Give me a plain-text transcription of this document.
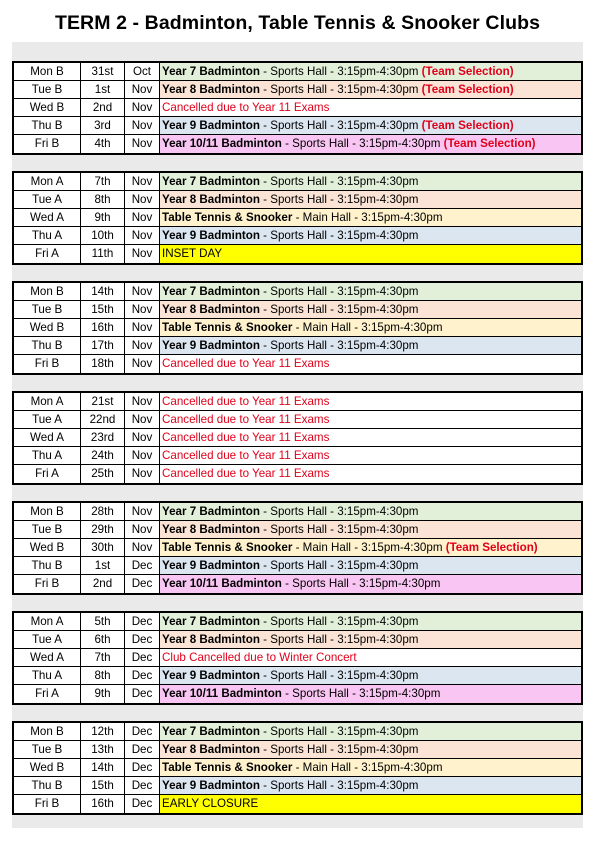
TERM 2 - Badminton, Table Tennis & Snooker Clubs
Mon B	31st	Oct Year 7 Badminton - Sports Hall - 3:15pm-4:30pm (Team Selection)
Tue B	1st	Nov Year 8 Badminton - Sports Hall - 3:15pm-4:30pm (Team Selection)
Wed B	2nd	Nov Cancelled due to Year 11 Exams
Thu B	3rd	Nov Year 9 Badminton - Sports Hall - 3:15pm-4:30pm (Team Selection)
Fri B	4th	Nov Year 10/11 Badminton - Sports Hall - 3:15pm-4:30pm (Team Selection)
Mon A	7th	Nov Year 7 Badminton - Sports Hall - 3:15pm-4:30pm
Tue A	8th	Nov Year 8 Badminton - Sports Hall - 3:15pm-4:30pm
Wed A	9th	Nov Table Tennis & Snooker - Main Hall - 3:15pm-4:30pm
Thu A	10th	Nov Year 9 Badminton - Sports Hall - 3:15pm-4:30pm
Fri A	11th	Nov INSET DAY
Mon B	14th	Nov Year 7 Badminton - Sports Hall - 3:15pm-4:30pm
Tue B	15th	Nov Year 8 Badminton - Sports Hall - 3:15pm-4:30pm
Wed B	16th	Nov Table Tennis & Snooker - Main Hall - 3:15pm-4:30pm
Thu B	17th	Nov Year 9 Badminton - Sports Hall - 3:15pm-4:30pm
Fri B	18th	Nov Cancelled due to Year 11 Exams
Mon A	21st	Nov Cancelled due to Year 11 Exams
Tue A	22nd	Nov Cancelled due to Year 11 Exams
Wed A	23rd	Nov Cancelled due to Year 11 Exams
Thu A	24th	Nov Cancelled due to Year 11 Exams
Fri A	25th	Nov Cancelled due to Year 11 Exams
Mon B	28th	Nov Year 7 Badminton - Sports Hall - 3:15pm-4:30pm
Tue B	29th	Nov Year 8 Badminton - Sports Hall - 3:15pm-4:30pm
Wed B	30th	Nov Table Tennis & Snooker - Main Hall - 3:15pm-4:30pm (Team Selection)
Thu B	1st	Dec Year 9 Badminton - Sports Hall - 3:15pm-4:30pm
Fri B	2nd	Dec Year 10/11 Badminton - Sports Hall - 3:15pm-4:30pm
Mon A	5th	Dec Year 7 Badminton - Sports Hall - 3:15pm-4:30pm
Tue A	6th	Dec Year 8 Badminton - Sports Hall - 3:15pm-4:30pm
Wed A	7th	Dec Club Cancelled due to Winter Concert
Thu A	8th	Dec Year 9 Badminton - Sports Hall - 3:15pm-4:30pm
Fri A	9th	Dec Year 10/11 Badminton - Sports Hall - 3:15pm-4:30pm
Mon B	12th	Dec Year 7 Badminton - Sports Hall - 3:15pm-4:30pm
Tue B	13th	Dec Year 8 Badminton - Sports Hall - 3:15pm-4:30pm
Wed B	14th	Dec Table Tennis & Snooker - Main Hall - 3:15pm-4:30pm
Thu B	15th	Dec Year 9 Badminton - Sports Hall - 3:15pm-4:30pm
Fri B	16th	Dec EARLY CLOSURE
